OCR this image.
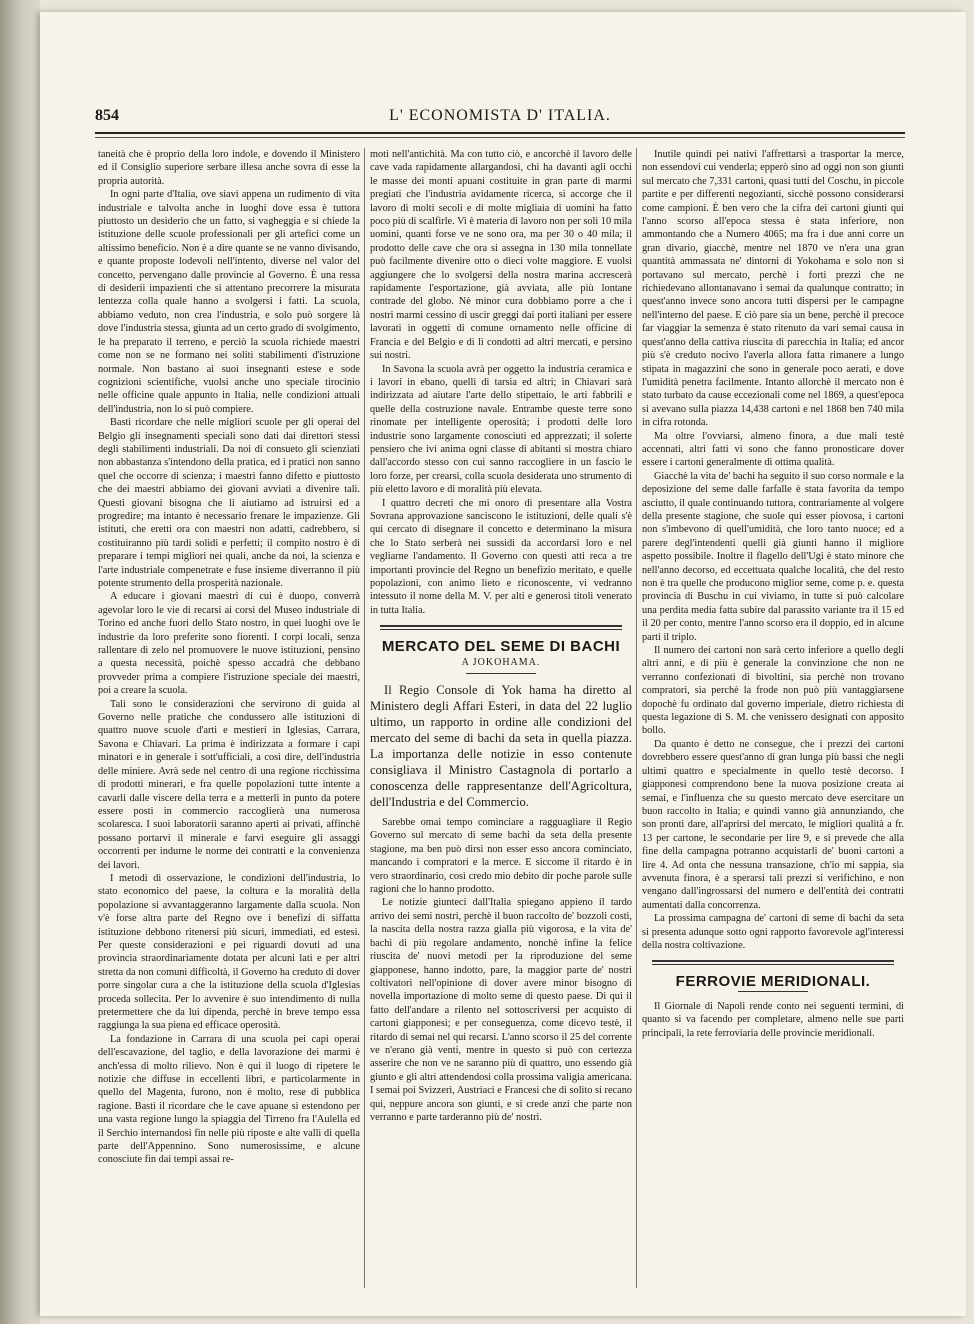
854	L' ECONOMISTA D' ITALIA.

taneità che è proprio della loro indole, e dovendo il Ministero ed il Consiglio superiore serbare illesa anche sovra di esse la propria autorità.

In ogni parte d'Italia, ove siavi appena un rudimento di vita industriale e talvolta anche in luoghi dove essa è tuttora piuttosto un desiderio che un fatto, si vagheggia e si chiede la istituzione delle scuole professionali per gli artefici come un altissimo beneficio. Non è a dire quante se ne vanno divisando, e quante proposte lodevoli nell'intento, diverse nel valor del concetto, pervengano dalle provincie al Governo. È una ressa di desiderii impazienti che si attentano precorrere la misurata lentezza colla quale hanno a svolgersi i fatti. La scuola, abbiamo veduto, non crea l'industria, e solo può sorgere là dove l'industria stessa, giunta ad un certo grado di svolgimento, le ha preparato il terreno, e perciò la scuola richiede maestri come non se ne formano nei soliti stabilimenti d'istruzione normale. Non bastano ai suoi insegnanti estese e sode cognizioni scientifiche, vuolsi anche uno speciale tirocinio nelle officine quale appunto in Italia, nelle condizioni attuali dell'industria, non lo si può compiere.

Basti ricordare che nelle migliori scuole per gli operai del Belgio gli insegnamenti speciali sono dati dai direttori stessi degli stabilimenti industriali. Da noi di consueto gli scienziati non abbastanza s'intendono della pratica, ed i pratici non sanno quel che occorre di scienza; i maestri fanno difetto e piuttosto che dei maestri abbiamo dei giovani avviati a divenire tali. Questi giovani bisogna che li aiutiamo ad istruirsi ed a progredire; ma intanto è necessario frenare le impazienze. Gli istituti, che eretti ora con maestri non adatti, cadrebbero, si costituiranno più tardi solidi e perfetti; il compito nostro è di preparare i tempi migliori nei quali, anche da noi, la scienza e l'arte industriale compenetrate e fuse insieme diverranno il più potente strumento della prosperità nazionale.

A educare i giovani maestri di cui è duopo, converrà agevolar loro le vie di recarsi ai corsi del Museo industriale di Torino ed anche fuori dello Stato nostro, in quei luoghi ove le industrie da loro preferite sono fiorenti. I corpi locali, senza rallentare di zelo nel promuovere le nuove istituzioni, pensino a questa necessità, poichè spesso accadrà che debbano provveder prima a compiere l'istruzione speciale dei maestri, poi a creare la scuola.

Tali sono le considerazioni che servirono di guida al Governo nelle pratiche che condussero alle istituzioni di quattro nuove scuole d'arti e mestieri in Iglesias, Carrara, Savona e Chiavari. La prima è indirizzata a formare i capi minatori e in generale i sott'ufficiali, a così dire, dell'industria delle miniere. Avrà sede nel centro di una regione ricchissima di prodotti minerari, e fra quelle popolazioni tutte intente a cavarli dalle viscere della terra e a metterli in punto da potere essere posti in commercio raccoglierà una numerosa scolaresca. I suoi laboratorii saranno aperti ai privati, affinchè possano portarvi il minerale e farvi eseguire gli assaggi occorrenti per indurne le norme dei contratti e la convenienza dei lavori.

I metodi di osservazione, le condizioni dell'industria, lo stato economico del paese, la coltura e la moralità della popolazione si avvantaggeranno largamente dalla scuola. Non v'è forse altra parte del Regno ove i benefizi di siffatta istituzione debbono ritenersi più sicuri, immediati, ed estesi. Per queste considerazioni e pei riguardi dovuti ad una provincia straordinariamente dotata per alcuni lati e per altri stretta da non comuni difficoltà, il Governo ha creduto di dover porre singolar cura a che la istituzione della scuola d'Iglesias proceda sollecita. Per lo avvenire è suo intendimento di nulla pretermettere che da lui dipenda, perchè in breve tempo essa raggiunga la sua piena ed efficace operosità.

La fondazione in Carrara di una scuola pei capi operai dell'escavazione, del taglio, e della lavorazione dei marmi è anch'essa di molto rilievo. Non è qui il luogo di ripetere le notizie che diffuse in eccellenti libri, e particolarmente in quello del Magenta, furono, non è molto, rese di pubblica ragione. Basti il ricordare che le cave apuane si estendono per una vasta regione lungo la spiaggia del Tirreno fra l'Aulella ed il Serchio internandosi fin nelle più riposte e alte valli di quella parte dell'Appennino. Sono numerosissime, e alcune conosciute fin dai tempi assai re-

moti nell'antichità. Ma con tutto ciò, e ancorchè il lavoro delle cave vada rapidamente allargandosi, chi ha davanti agli occhi le masse dei monti apuani costituite in gran parte di marmi pregiati che l'industria avidamente ricerca, si accorge che il lavoro di molti secoli e di molte migliaia di uomini ha fatto poco più di scalfirle. Vi è materia di lavoro non per soli 10 mila uomini, quanti forse ve ne sono ora, ma per 30 o 40 mila; il prodotto delle cave che ora si assegna in 130 mila tonnellate può facilmente divenire otto o dieci volte maggiore. E vuolsi aggiungere che lo svolgersi della nostra marina accrescerà rapidamente l'esportazione, già avviata, alle più lontane contrade del globo. Nè minor cura dobbiamo porre a che i nostri marmi cessino di uscir greggi dai porti italiani per essere lavorati in oggetti di comune ornamento nelle officine di Francia e del Belgio e di lì condotti ad altri mercati, e persino sui nostri.

In Savona la scuola avrà per oggetto la industria ceramica e i lavori in ebano, quelli di tarsia ed altri; in Chiavari sarà indirizzata ad aiutare l'arte dello stipettaio, le arti fabbrili e quelle della costruzione navale. Entrambe queste terre sono rinomate per intelligente operosità; i prodotti delle loro industrie sono largamente conosciuti ed apprezzati; il solerte pensiero che ivi anima ogni classe di abitanti si mostra chiaro dall'accordo stesso con cui sanno raccogliere in un fascio le loro forze, per crearsi, colla scuola desiderata uno strumento di più eletto lavoro e di moralità più elevata.

I quattro decreti che mi onoro di presentare alla Vostra Sovrana approvazione sanciscono le istituzioni, delle quali s'è qui cercato di disegnare il concetto e determinano la misura che lo Stato serberà nei sussidi da accordarsi loro e nel vegliarne l'andamento. Il Governo con questi atti reca a tre importanti provincie del Regno un benefizio meritato, e quelle popolazioni, con animo lieto e riconoscente, vi vedranno intessuto il nome della M. V. per alti e generosi titoli venerato in tutta Italia.

MERCATO DEL SEME DI BACHI
A JOKOHAMA.

Il Regio Console di Yok hama ha diretto al Ministero degli Affari Esteri, in data del 22 luglio ultimo, un rapporto in ordine alle condizioni del mercato del seme di bachi da seta in quella piazza. La importanza delle notizie in esso contenute consigliava il Ministro Castagnola di portarlo a conoscenza delle rappresentanze dell'Agricoltura, dell'Industria e del Commercio.

Sarebbe omai tempo cominciare a ragguagliare il Regio Governo sul mercato di seme bachi da seta della presente stagione, ma ben può dirsi non esser esso ancora cominciato, mancando i compratori e la merce. E siccome il ritardo è in vero straordinario, così credo mio debito dir poche parole sulle ragioni che lo hanno prodotto.

Le notizie giunteci dall'Italia spiegano appieno il tardo arrivo dei semi nostri, perchè il buon raccolto de' bozzoli costì, la nascita della nostra razza gialla più vigorosa, e la vita de' bachi di più regolare andamento, nonchè infine la felice riuscita de' nuovi metodi per la riproduzione del seme giapponese, hanno indotto, pare, la maggior parte de' nostri coltivatori nell'opinione di dover avere minor bisogno di novella importazione di molto seme di questo paese. Di qui il fatto dell'andare a rilento nel sottoscriversi per acquisto di cartoni giapponesi; e per conseguenza, come dicevo testè, il ritardo di semai nel qui recarsi. L'anno scorso il 25 del corrente ve n'erano già venti, mentre in questo si può con certezza asserire che non ve ne saranno più di quattro, uno essendo già giunto e gli altri attendendosi colla prossima valigia americana. I semai poi Svizzeri, Austriaci e Francesi che di solito si recano qui, neppure ancora son giunti, e si crede anzi che parte non verranno e parte tarderanno più de' nostri.

Inutile quindi pei nativi l'affrettarsi a trasportar la merce, non essendovi cui venderla; epperò sino ad oggi non son giunti sul mercato che 7,331 cartoni, quasi tutti del Coschu, in piccole partite e per differenti negozianti, sicchè possono considerarsi come campioni. È ben vero che la cifra dei cartoni giunti qui l'anno scorso all'epoca stessa è stata inferiore, non ammontando che a Numero 4065; ma fra i due anni corre un gran divario, giacchè, mentre nel 1870 ve n'era una gran quantità ammassata ne' dintorni di Yokohama e solo non si portavano sul mercato, perchè i forti prezzi che ne richiedevano allontanavano i semai da qualunque contratto; in quest'anno invece sono ancora tutti dispersi per le campagne nell'interno del paese. E ciò pare sia un bene, perchè il precoce far viaggiar la semenza è stato ritenuto da vari semai causa in quest'anno della cattiva riuscita di parecchia in Italia; ed ancor più s'è creduto nocivo l'averla allora fatta rimanere a lungo stipata in magazzini che sono in generale poco aerati, e dove l'umidità penetra facilmente. Intanto allorchè il mercato non è stato turbato da cause eccezionali come nel 1869, a quest'epoca si avevano sulla piazza 14,438 cartoni e nel 1868 ben 740 mila in cifra rotonda.

Ma oltre l'ovviarsi, almeno finora, a due mali testè accennati, altri fatti vi sono che fanno pronosticare dover essere i cartoni generalmente di ottima qualità.

Giacchè la vita de' bachi ha seguito il suo corso normale e la deposizione del seme dalle farfalle è stata favorita da tempo asciutto, il quale continuando tuttora, contrariamente al volgere della presente stagione, che suole qui esser piovosa, i cartoni non s'imbevono di quell'umidità, che loro tanto nuoce; ed a parere degl'intendenti quelli già giunti hanno il migliore aspetto possibile. Inoltre il flagello dell'Ugi è stato minore che nell'anno decorso, ed eccettuata qualche località, che del resto non è tra quelle che producono miglior seme, come p. e. questa provincia di Buschu in cui viviamo, in tutte si può calcolare una perdita media fatta subire dal parassito variante tra il 15 ed il 20 per conto, mentre l'anno scorso era il doppio, ed in alcune parti il triplo.

Il numero dei cartoni non sarà certo inferiore a quello degli altri anni, e di più è generale la convinzione che non ne verranno confezionati di bivoltini, sia perchè non trovano compratori, sia perchè la frode non può più vantaggiarsene dopochè fu ordinato dal governo imperiale, dietro richiesta di questa legazione di S. M. che venissero designati con apposito bollo.

Da quanto è detto ne consegue, che i prezzi dei cartoni dovrebbero essere quest'anno di gran lunga più bassi che negli ultimi quattro e specialmente in quello testè decorso. I giapponesi comprendono bene la nuova posizione creata ai semai, e l'influenza che su questo mercato deve esercitare un buon raccolto in Italia; e quindi vanno già annunziando, che son pronti dare, all'aprirsi del mercato, le migliori qualità a fr. 13 per cartone, le secondarie per lire 9, e si prevede che alla fine della campagna potranno acquistarli de' buoni cartoni a lire 4. Ad onta che nessuna transazione, ch'io mi sappia, sia avvenuta finora, è a sperarsi tali prezzi si verifichino, e non vengano dall'ingrossarsi del numero e dell'entità dei contratti aumentati dalla concorrenza.

La prossima campagna de' cartoni di seme di bachi da seta si presenta adunque sotto ogni rapporto favorevole agl'interessi della nostra coltivazione.

FERROVIE MERIDIONALI.

Il Giornale di Napoli rende conto nei seguenti termini, di quanto si va facendo per completare, almeno nelle sue parti principali, la rete ferroviaria delle provincie meridionali.
